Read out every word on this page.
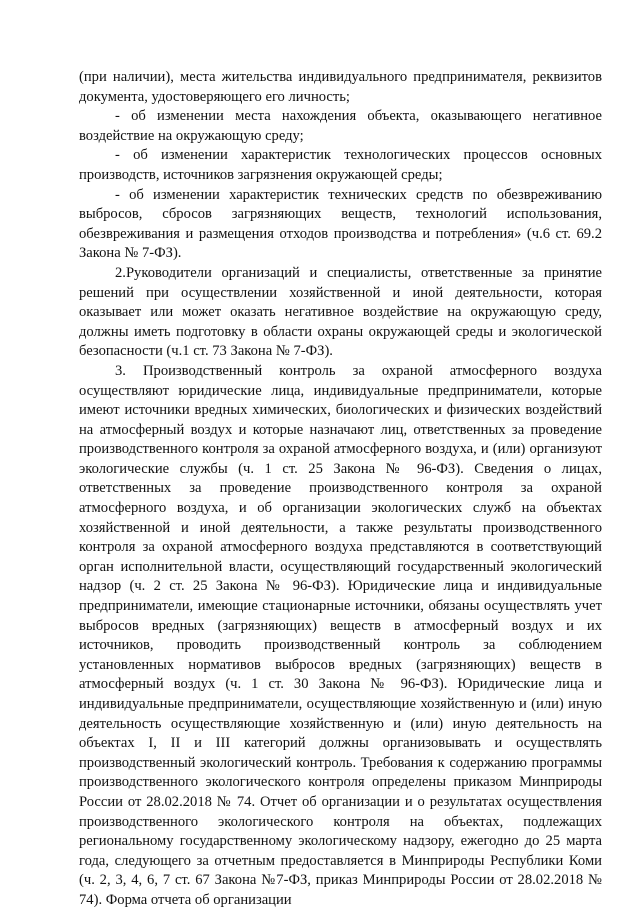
(при наличии), места жительства индивидуального предпринимателя, реквизитов документа, удостоверяющего его личность;

- об изменении места нахождения объекта, оказывающего негативное воздействие на окружающую среду;

- об изменении характеристик технологических процессов основных производств, источников загрязнения окружающей среды;

- об изменении характеристик технических средств по обезвреживанию выбросов, сбросов загрязняющих веществ, технологий использования, обезвреживания и размещения отходов производства и потребления» (ч.6 ст. 69.2 Закона № 7-ФЗ).

2.Руководители организаций и специалисты, ответственные за принятие решений при осуществлении хозяйственной и иной деятельности, которая оказывает или может оказать негативное воздействие на окружающую среду, должны иметь подготовку в области охраны окружающей среды и экологической безопасности (ч.1 ст. 73 Закона № 7-ФЗ).

3. Производственный контроль за охраной атмосферного воздуха осуществляют юридические лица, индивидуальные предприниматели, которые имеют источники вредных химических, биологических и физических воздействий на атмосферный воздух и которые назначают лиц, ответственных за проведение производственного контроля за охраной атмосферного воздуха, и (или) организуют экологические службы (ч. 1 ст. 25 Закона № 96-ФЗ). Сведения о лицах, ответственных за проведение производственного контроля за охраной атмосферного воздуха, и об организации экологических служб на объектах хозяйственной и иной деятельности, а также результаты производственного контроля за охраной атмосферного воздуха представляются в соответствующий орган исполнительной власти, осуществляющий государственный экологический надзор (ч. 2 ст. 25 Закона № 96-ФЗ). Юридические лица и индивидуальные предприниматели, имеющие стационарные источники, обязаны осуществлять учет выбросов вредных (загрязняющих) веществ в атмосферный воздух и их источников, проводить производственный контроль за соблюдением установленных нормативов выбросов вредных (загрязняющих) веществ в атмосферный воздух (ч. 1 ст. 30 Закона № 96-ФЗ). Юридические лица и индивидуальные предприниматели, осуществляющие хозяйственную и (или) иную деятельность осуществляющие хозяйственную и (или) иную деятельность на объектах I, II и III категорий должны организовывать и осуществлять производственный экологический контроль. Требования к содержанию программы производственного экологического контроля определены приказом Минприроды России от 28.02.2018 № 74. Отчет об организации и о результатах осуществления производственного экологического контроля на объектах, подлежащих региональному государственному экологическому надзору, ежегодно до 25 марта года, следующего за отчетным предоставляется в Минприроды Республики Коми (ч. 2, 3, 4, 6, 7 ст. 67 Закона №7-ФЗ, приказ Минприроды России от 28.02.2018 № 74). Форма отчета об организации
